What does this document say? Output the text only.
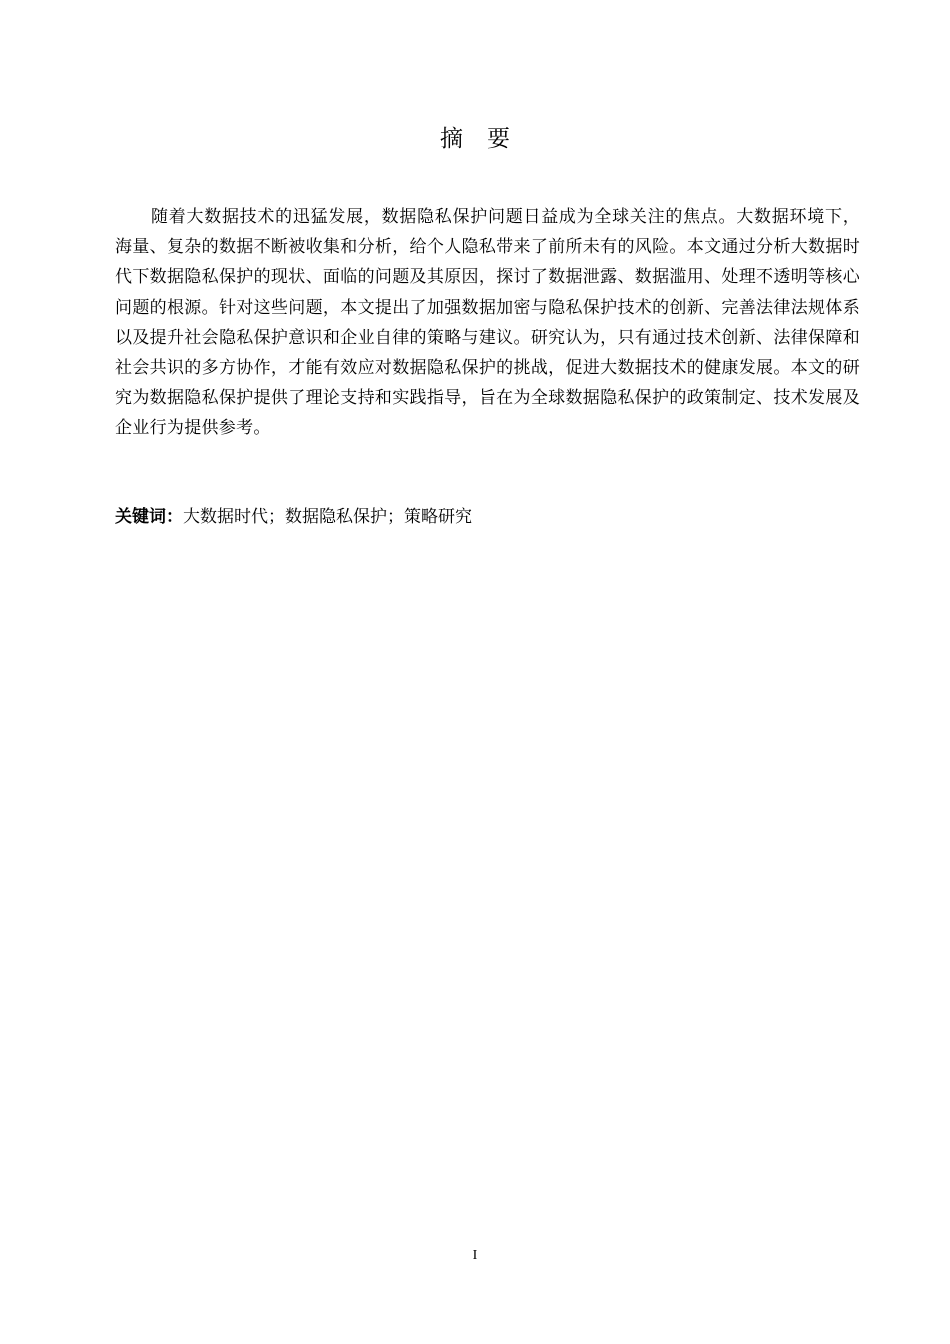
摘要

随着大数据技术的迅猛发展，数据隐私保护问题日益成为全球关注的焦点。大数据环境下，海量、复杂的数据不断被收集和分析，给个人隐私带来了前所未有的风险。本文通过分析大数据时代下数据隐私保护的现状、面临的问题及其原因，探讨了数据泄露、数据滥用、处理不透明等核心问题的根源。针对这些问题，本文提出了加强数据加密与隐私保护技术的创新、完善法律法规体系以及提升社会隐私保护意识和企业自律的策略与建议。研究认为，只有通过技术创新、法律保障和社会共识的多方协作，才能有效应对数据隐私保护的挑战，促进大数据技术的健康发展。本文的研究为数据隐私保护提供了理论支持和实践指导，旨在为全球数据隐私保护的政策制定、技术发展及企业行为提供参考。

关键词：大数据时代；数据隐私保护；策略研究
I
